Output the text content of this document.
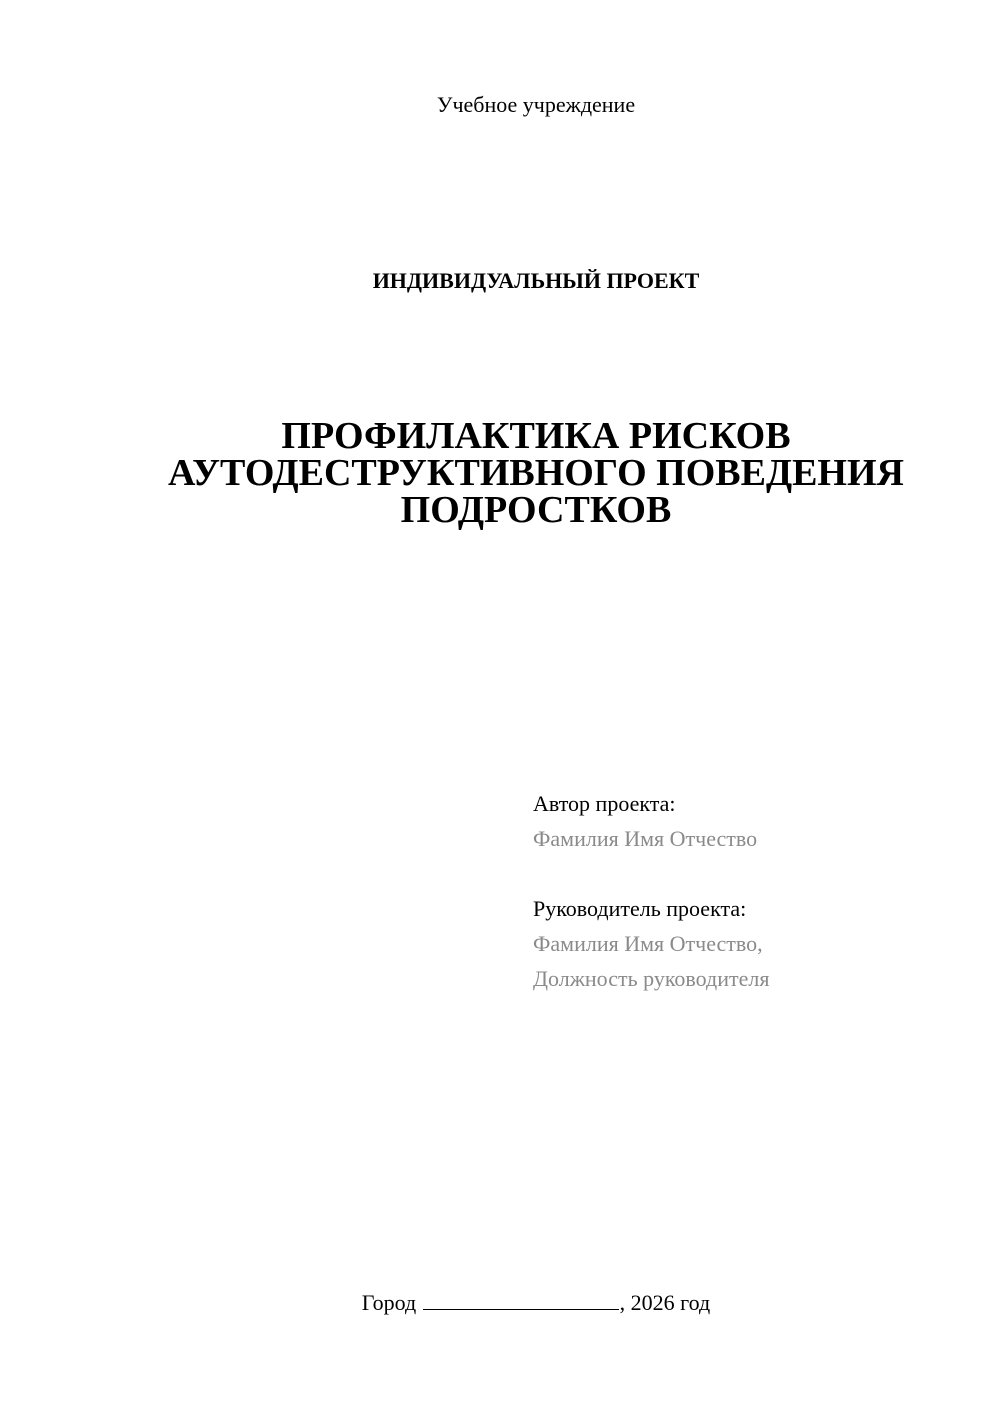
Учебное учреждение
ИНДИВИДУАЛЬНЫЙ ПРОЕКТ
ПРОФИЛАКТИКА РИСКОВ
АУТОДЕСТРУКТИВНОГО ПОВЕДЕНИЯ
ПОДРОСТКОВ
Автор проекта:
Фамилия Имя Отчество
Руководитель проекта:
Фамилия Имя Отчество,
Должность руководителя
Город	, 2026 год
